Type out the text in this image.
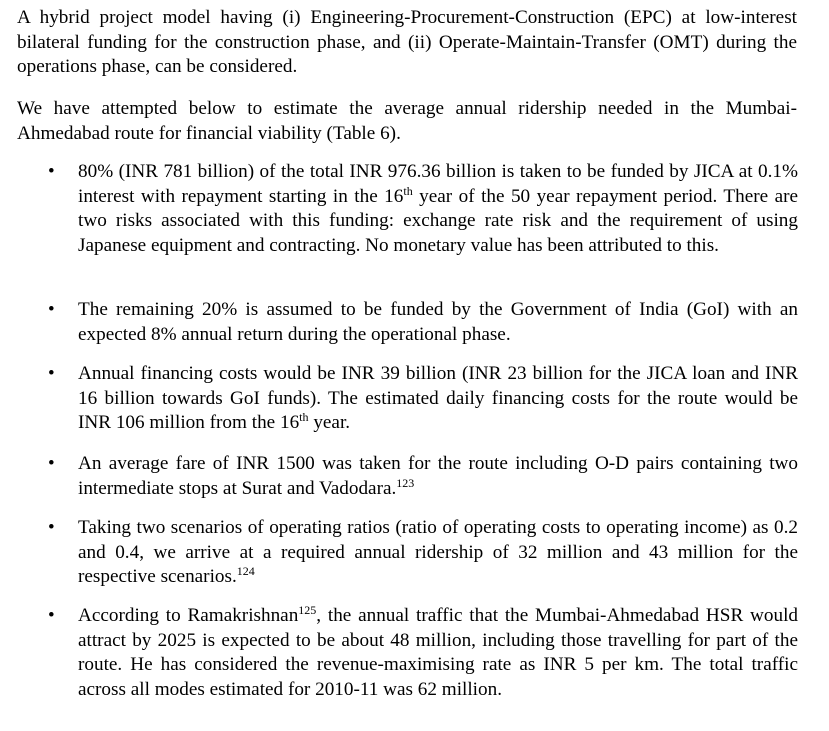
A hybrid project model having (i) Engineering-Procurement-Construction (EPC) at low-interest bilateral funding for the construction phase, and (ii) Operate-Maintain-Transfer (OMT) during the operations phase, can be considered.

We have attempted below to estimate the average annual ridership needed in the Mumbai-Ahmedabad route for financial viability (Table 6).

• 80% (INR 781 billion) of the total INR 976.36 billion is taken to be funded by JICA at 0.1% interest with repayment starting in the 16th year of the 50 year repayment period. There are two risks associated with this funding: exchange rate risk and the requirement of using Japanese equipment and contracting. No monetary value has been attributed to this.

• The remaining 20% is assumed to be funded by the Government of India (GoI) with an expected 8% annual return during the operational phase.

• Annual financing costs would be INR 39 billion (INR 23 billion for the JICA loan and INR 16 billion towards GoI funds). The estimated daily financing costs for the route would be INR 106 million from the 16th year.

• An average fare of INR 1500 was taken for the route including O-D pairs containing two intermediate stops at Surat and Vadodara.$^{123}$

• Taking two scenarios of operating ratios (ratio of operating costs to operating income) as 0.2 and 0.4, we arrive at a required annual ridership of 32 million and 43 million for the respective scenarios.$^{124}$

• According to Ramakrishnan$^{125}$, the annual traffic that the Mumbai-Ahmedabad HSR would attract by 2025 is expected to be about 48 million, including those travelling for part of the route. He has considered the revenue-maximising rate as INR 5 per km. The total traffic across all modes estimated for 2010-11 was 62 million.
